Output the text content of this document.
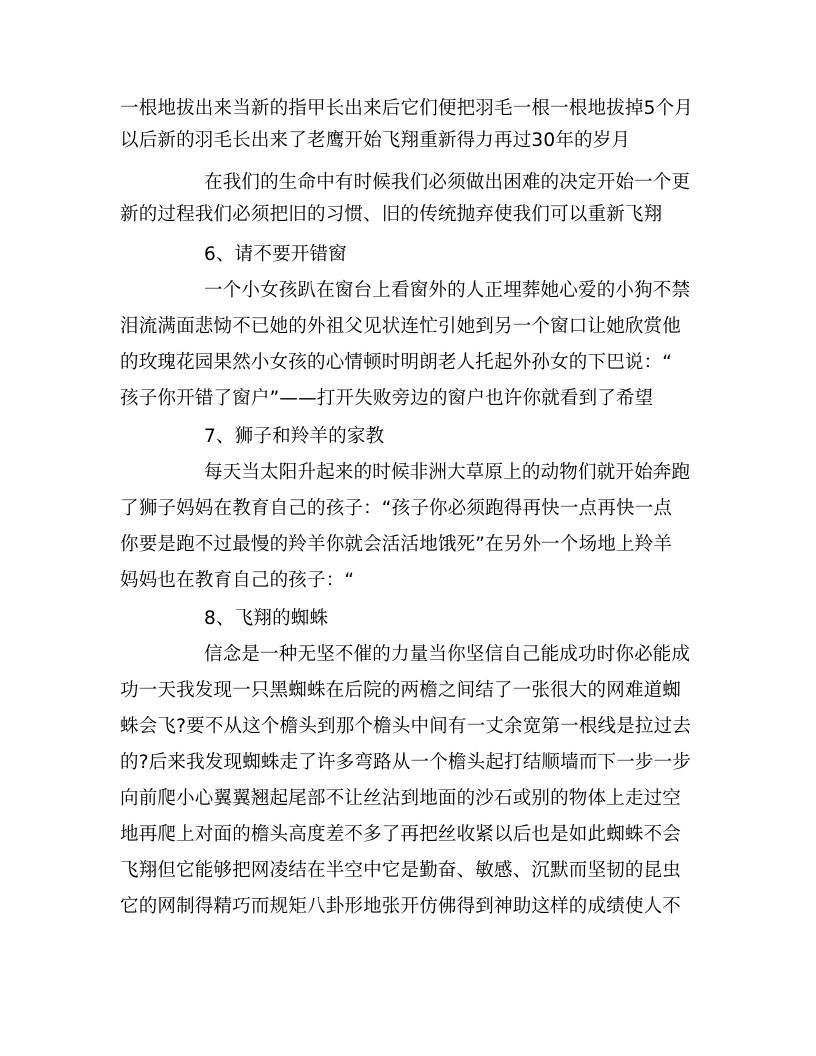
一根地拔出来当新的指甲长出来后它们便把羽毛一根一根地拔掉5个月
以后新的羽毛长出来了老鹰开始飞翔重新得力再过30年的岁月
在我们的生命中有时候我们必须做出困难的决定开始一个更
新的过程我们必须把旧的习惯、旧的传统抛弃使我们可以重新飞翔
6、请不要开错窗
一个小女孩趴在窗台上看窗外的人正埋葬她心爱的小狗不禁
泪流满面悲恸不已她的外祖父见状连忙引她到另一个窗口让她欣赏他
的玫瑰花园果然小女孩的心情顿时明朗老人托起外孙女的下巴说：“
孩子你开错了窗户”——打开失败旁边的窗户也许你就看到了希望
7、狮子和羚羊的家教
每天当太阳升起来的时候非洲大草原上的动物们就开始奔跑
了狮子妈妈在教育自己的孩子：“孩子你必须跑得再快一点再快一点
你要是跑不过最慢的羚羊你就会活活地饿死”在另外一个场地上羚羊
妈妈也在教育自己的孩子：“
8、飞翔的蜘蛛
信念是一种无坚不催的力量当你坚信自己能成功时你必能成
功一天我发现一只黑蜘蛛在后院的两檐之间结了一张很大的网难道蜘
蛛会飞?要不从这个檐头到那个檐头中间有一丈余宽第一根线是拉过去
的?后来我发现蜘蛛走了许多弯路从一个檐头起打结顺墙而下一步一步
向前爬小心翼翼翘起尾部不让丝沾到地面的沙石或别的物体上走过空
地再爬上对面的檐头高度差不多了再把丝收紧以后也是如此蜘蛛不会
飞翔但它能够把网凌结在半空中它是勤奋、敏感、沉默而坚韧的昆虫
它的网制得精巧而规矩八卦形地张开仿佛得到神助这样的成绩使人不
